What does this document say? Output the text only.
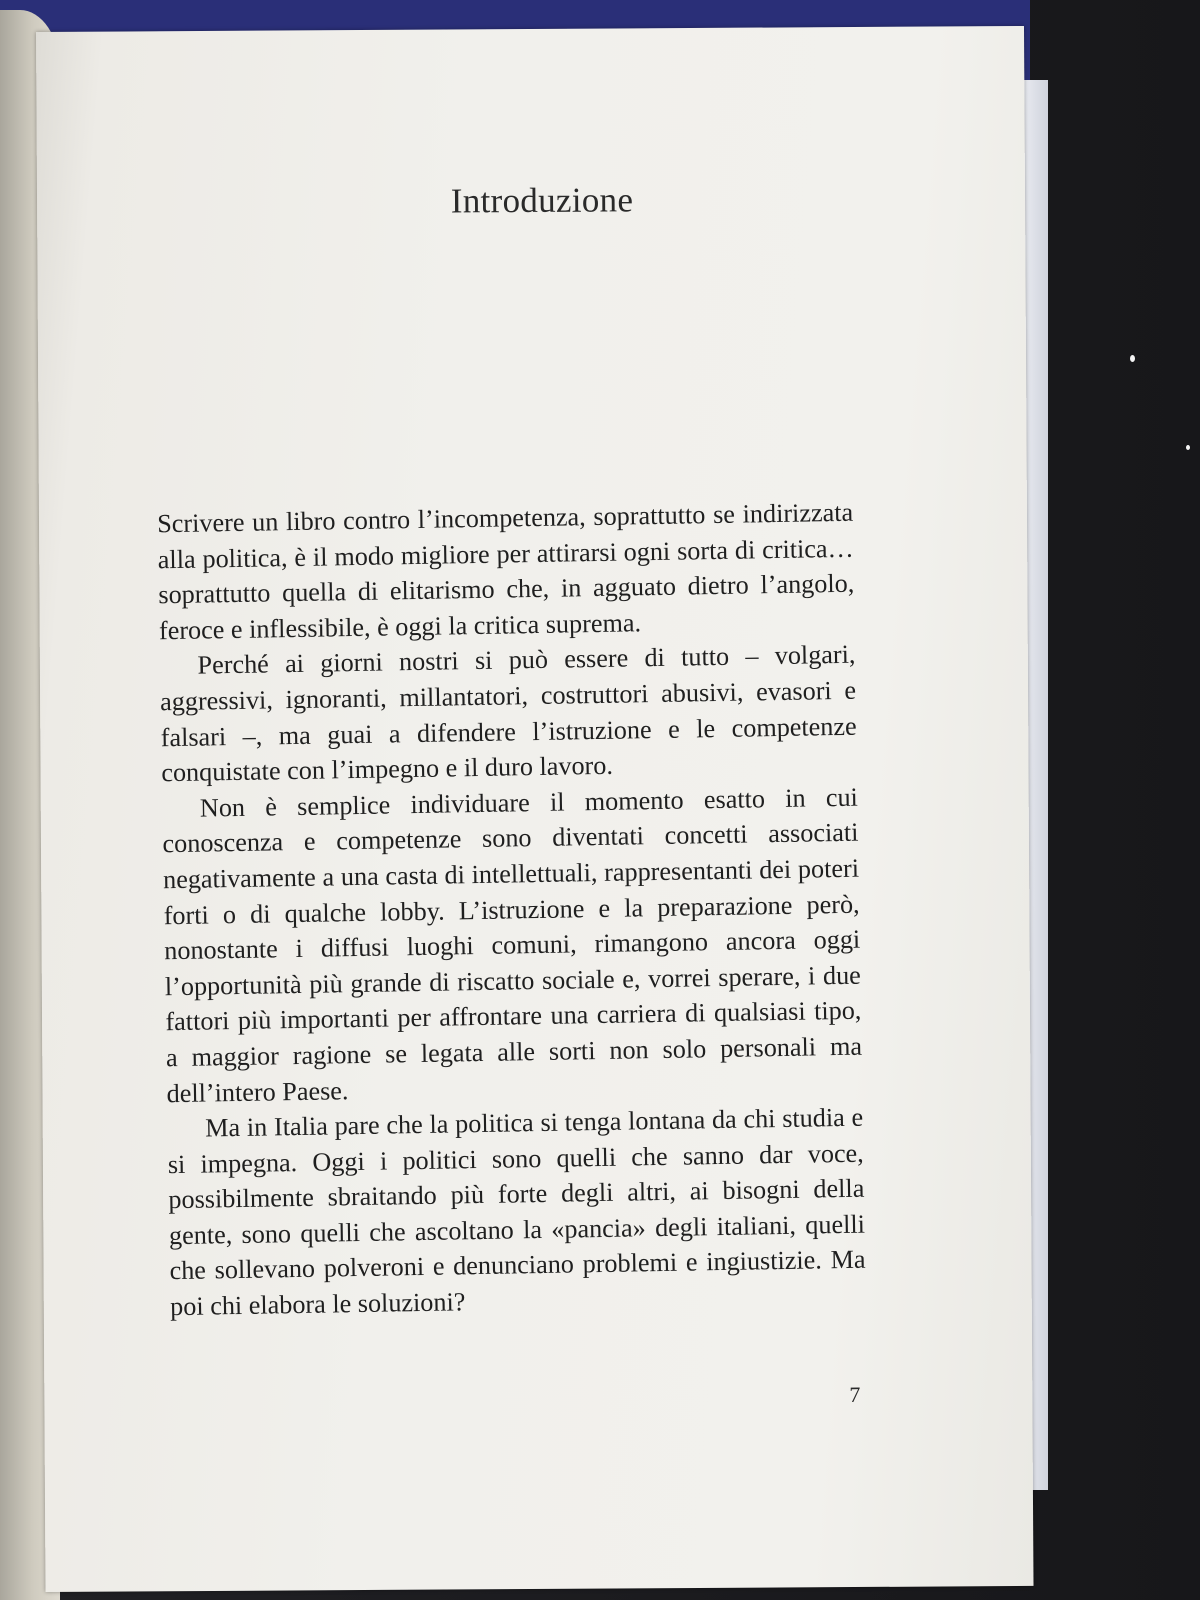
Introduzione

Scrivere un libro contro l’incompetenza, soprattutto se indirizzata alla politica, è il modo migliore per attirarsi ogni sorta di critica… soprattutto quella di elitarismo che, in agguato dietro l’angolo, feroce e inflessibile, è oggi la critica suprema.

Perché ai giorni nostri si può essere di tutto – volgari, aggressivi, ignoranti, millantatori, costruttori abusivi, evasori e falsari –, ma guai a difendere l’istruzione e le competenze conquistate con l’impegno e il duro lavoro.

Non è semplice individuare il momento esatto in cui conoscenza e competenze sono diventati concetti associati negativamente a una casta di intellettuali, rappresentanti dei poteri forti o di qualche lobby. L’istruzione e la preparazione però, nonostante i diffusi luoghi comuni, rimangono ancora oggi l’opportunità più grande di riscatto sociale e, vorrei sperare, i due fattori più importanti per affrontare una carriera di qualsiasi tipo, a maggior ragione se legata alle sorti non solo personali ma dell’intero Paese.

Ma in Italia pare che la politica si tenga lontana da chi studia e si impegna. Oggi i politici sono quelli che sanno dar voce, possibilmente sbraitando più forte degli altri, ai bisogni della gente, sono quelli che ascoltano la «pancia» degli italiani, quelli che sollevano polveroni e denunciano problemi e ingiustizie. Ma poi chi elabora le soluzioni?

7
